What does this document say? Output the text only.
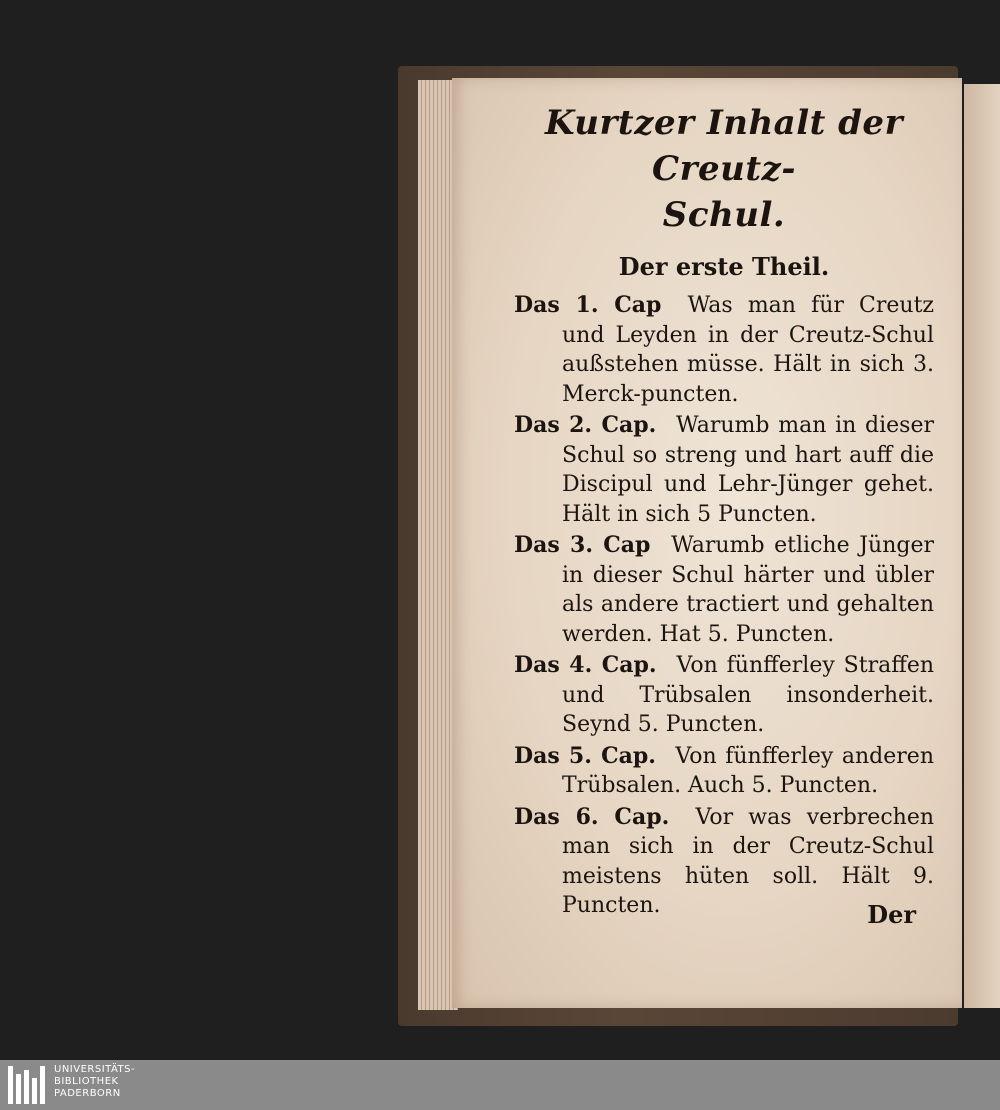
Kurtzer Inhalt der Creutz-
Schul.
Der erste Theil.
Das 1. Cap  Was man für Creutz und Leyden in der Creutz-Schul außstehen müsse. Hält in sich 3. Merck-puncten.
Das 2. Cap.  Warumb man in dieser Schul so streng und hart auff die Discipul und Lehr-Jünger gehet. Hält in sich 5 Puncten.
Das 3. Cap  Warumb etliche Jünger in dieser Schul härter und übler als andere tractiert und gehalten werden. Hat 5. Puncten.
Das 4. Cap.  Von fünfferley Straffen und Trübsalen insonderheit. Seynd 5. Puncten.
Das 5. Cap.  Von fünfferley anderen Trübsalen. Auch 5. Puncten.
Das 6. Cap.  Vor was verbrechen man sich in der Creutz-Schul meistens hüten soll. Hält 9. Puncten.	Der
UNIVERSITÄTS-
BIBLIOTHEK
PADERBORN
